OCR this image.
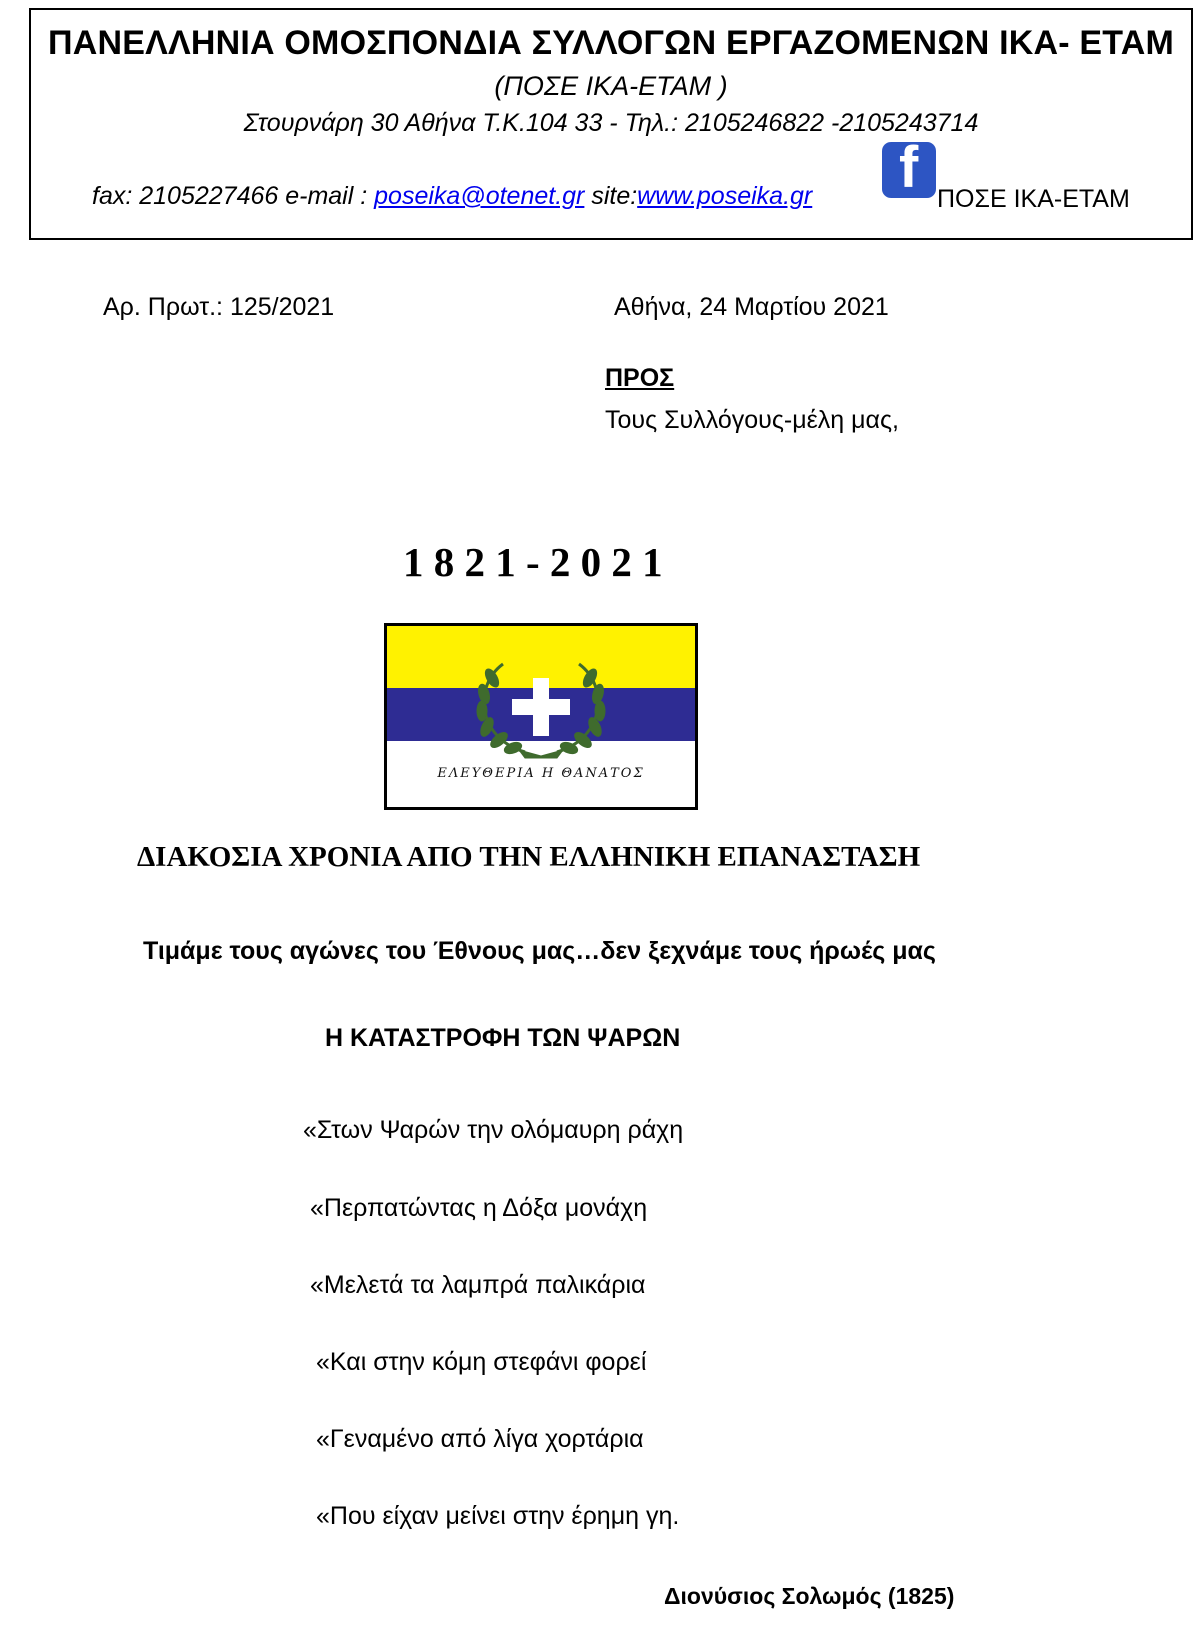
ΠΑΝΕΛΛΗΝΙΑ ΟΜΟΣΠΟΝΔΙΑ ΣΥΛΛΟΓΩΝ ΕΡΓΑΖΟΜΕΝΩΝ ΙΚΑ- ΕΤΑΜ
(ΠΟΣΕ ΙΚΑ-ΕΤΑΜ )
Στουρνάρη 30 Αθήνα Τ.Κ.104 33 - Τηλ.: 2105246822 -2105243714
fax: 2105227466 e-mail : poseika@otenet.gr site:www.poseika.gr f ΠΟΣΕ ΙΚΑ-ΕΤΑΜ
Αρ. Πρωτ.: 125/2021	Αθήνα, 24 Μαρτίου 2021
ΠΡΟΣ
Τους Συλλόγους-μέλη μας,
1 8 2 1 - 2 0 2 1
ΕΛΕΥΘΕΡΙΑ Η ΘΑΝΑΤΟΣ
ΔΙΑΚΟΣΙΑ ΧΡΟΝΙΑ ΑΠΟ ΤΗΝ ΕΛΛΗΝΙΚΗ ΕΠΑΝΑΣΤΑΣΗ
Τιμάμε τους αγώνες του Έθνους μας…δεν ξεχνάμε τους ήρωές μας
Η ΚΑΤΑΣΤΡΟΦΗ ΤΩΝ ΨΑΡΩΝ
«Στων Ψαρών την ολόμαυρη ράχη
«Περπατώντας η Δόξα μονάχη
«Μελετά τα λαμπρά παλικάρια
«Και στην κόμη στεφάνι φορεί
«Γεναμένο από λίγα χορτάρια
«Που είχαν μείνει στην έρημη γη.
Διονύσιος Σολωμός (1825)
